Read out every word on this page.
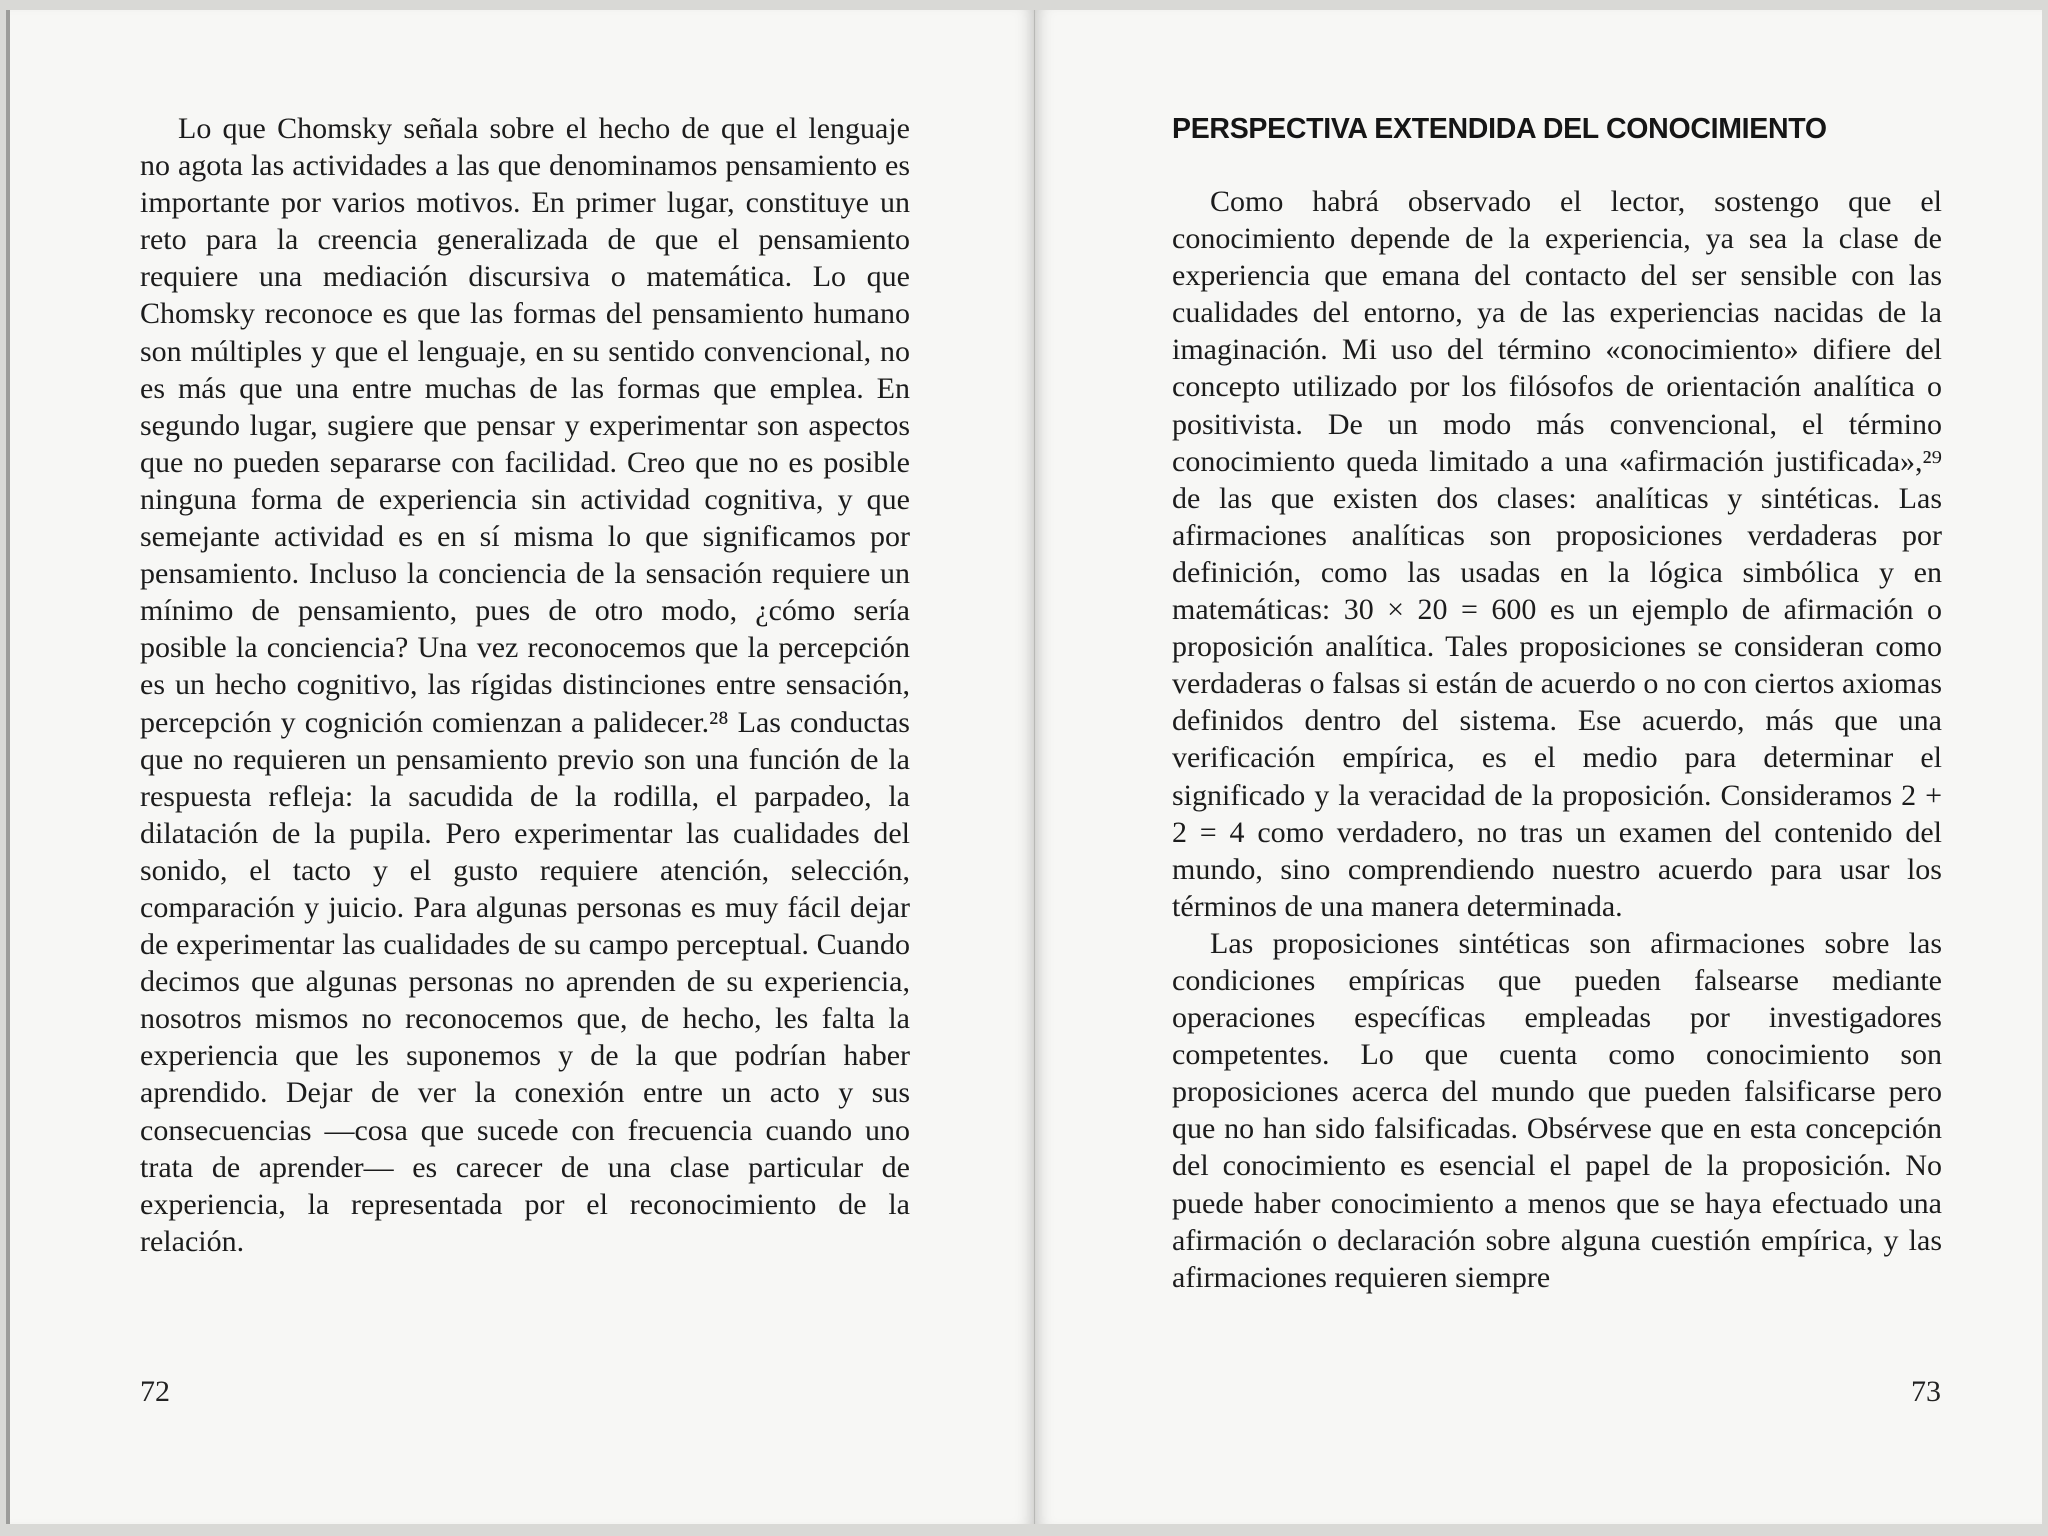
Lo que Chomsky señala sobre el hecho de que el lenguaje no agota las actividades a las que denominamos pensamiento es importante por varios motivos. En primer lugar, constituye un reto para la creencia generalizada de que el pensamiento requiere una mediación discursiva o matemática. Lo que Chomsky reconoce es que las formas del pensamiento humano son múltiples y que el lenguaje, en su sentido convencional, no es más que una entre muchas de las formas que emplea. En segundo lugar, sugiere que pensar y experimentar son aspectos que no pueden separarse con facilidad. Creo que no es posible ninguna forma de experiencia sin actividad cognitiva, y que semejante actividad es en sí misma lo que significamos por pensamiento. Incluso la conciencia de la sensación requiere un mínimo de pensamiento, pues de otro modo, ¿cómo sería posible la conciencia? Una vez reconocemos que la percepción es un hecho cognitivo, las rígidas distinciones entre sensación, percepción y cognición comienzan a palidecer.²⁸ Las conductas que no requieren un pensamiento previo son una función de la respuesta refleja: la sacudida de la rodilla, el parpadeo, la dilatación de la pupila. Pero experimentar las cualidades del sonido, el tacto y el gusto requiere atención, selección, comparación y juicio. Para algunas personas es muy fácil dejar de experimentar las cualidades de su campo perceptual. Cuando decimos que algunas personas no aprenden de su experiencia, nosotros mismos no reconocemos que, de hecho, les falta la experiencia que les suponemos y de la que podrían haber aprendido. Dejar de ver la conexión entre un acto y sus consecuencias —cosa que sucede con frecuencia cuando uno trata de aprender— es carecer de una clase particular de experiencia, la representada por el reconocimiento de la relación.

72
PERSPECTIVA EXTENDIDA DEL CONOCIMIENTO

Como habrá observado el lector, sostengo que el conocimiento depende de la experiencia, ya sea la clase de experiencia que emana del contacto del ser sensible con las cualidades del entorno, ya de las experiencias nacidas de la imaginación. Mi uso del término «conocimiento» difiere del concepto utilizado por los filósofos de orientación analítica o positivista. De un modo más convencional, el término conocimiento queda limitado a una «afirmación justificada»,²⁹ de las que existen dos clases: analíticas y sintéticas. Las afirmaciones analíticas son proposiciones verdaderas por definición, como las usadas en la lógica simbólica y en matemáticas: 30 × 20 = 600 es un ejemplo de afirmación o proposición analítica. Tales proposiciones se consideran como verdaderas o falsas si están de acuerdo o no con ciertos axiomas definidos dentro del sistema. Ese acuerdo, más que una verificación empírica, es el medio para determinar el significado y la veracidad de la proposición. Consideramos 2 + 2 = 4 como verdadero, no tras un examen del contenido del mundo, sino comprendiendo nuestro acuerdo para usar los términos de una manera determinada.

Las proposiciones sintéticas son afirmaciones sobre las condiciones empíricas que pueden falsearse mediante operaciones específicas empleadas por investigadores competentes. Lo que cuenta como conocimiento son proposiciones acerca del mundo que pueden falsificarse pero que no han sido falsificadas. Obsérvese que en esta concepción del conocimiento es esencial el papel de la proposición. No puede haber conocimiento a menos que se haya efectuado una afirmación o declaración sobre alguna cuestión empírica, y las afirmaciones requieren siempre

73
